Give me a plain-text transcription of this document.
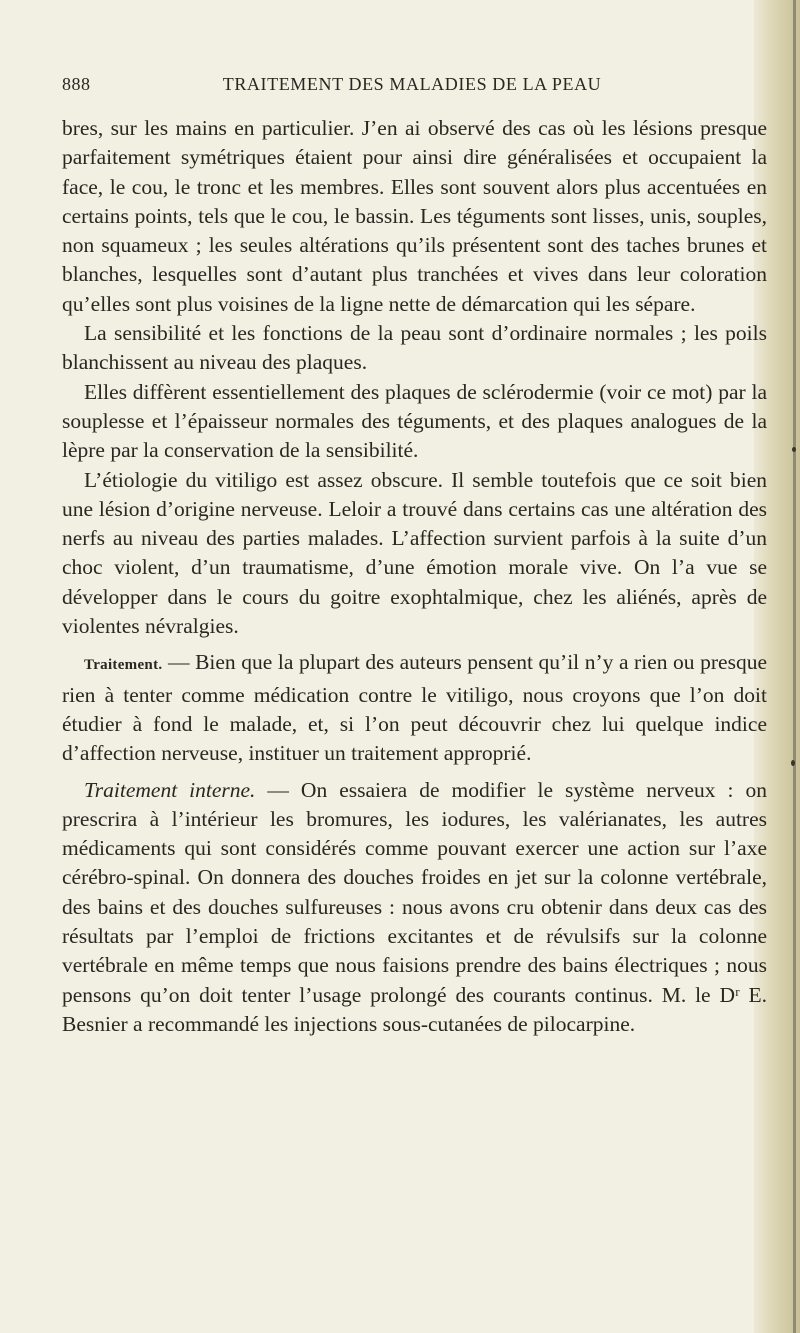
888	TRAITEMENT DES MALADIES DE LA PEAU

bres, sur les mains en particulier. J’en ai observé des cas où les lésions presque parfaitement symétriques étaient pour ainsi dire généralisées et occupaient la face, le cou, le tronc et les membres. Elles sont souvent alors plus accentuées en certains points, tels que le cou, le bassin. Les téguments sont lisses, unis, souples, non squameux ; les seules altérations qu’ils présentent sont des taches brunes et blanches, lesquelles sont d’autant plus tranchées et vives dans leur coloration qu’elles sont plus voisines de la ligne nette de démarcation qui les sépare.

La sensibilité et les fonctions de la peau sont d’ordinaire normales ; les poils blanchissent au niveau des plaques.

Elles diffèrent essentiellement des plaques de sclérodermie (voir ce mot) par la souplesse et l’épaisseur normales des téguments, et des plaques analogues de la lèpre par la conservation de la sensibilité.

L’étiologie du vitiligo est assez obscure. Il semble toutefois que ce soit bien une lésion d’origine nerveuse. Leloir a trouvé dans certains cas une altération des nerfs au niveau des parties malades. L’affection survient parfois à la suite d’un choc violent, d’un traumatisme, d’une émotion morale vive. On l’a vue se développer dans le cours du goitre exophtalmique, chez les aliénés, après de violentes névralgies.

Traitement. — Bien que la plupart des auteurs pensent qu’il n’y a rien ou presque rien à tenter comme médication contre le vitiligo, nous croyons que l’on doit étudier à fond le malade, et, si l’on peut découvrir chez lui quelque indice d’affection nerveuse, instituer un traitement approprié.

Traitement interne. — On essaiera de modifier le système nerveux : on prescrira à l’intérieur les bromures, les iodures, les valérianates, les autres médicaments qui sont considérés comme pouvant exercer une action sur l’axe cérébro-spinal. On donnera des douches froides en jet sur la colonne vertébrale, des bains et des douches sulfureuses : nous avons cru obtenir dans deux cas des résultats par l’emploi de frictions excitantes et de révulsifs sur la colonne vertébrale en même temps que nous faisions prendre des bains électriques ; nous pensons qu’on doit tenter l’usage prolongé des courants continus. M. le Dʳ E. Besnier a recommandé les injections sous-cutanées de pilocarpine.
